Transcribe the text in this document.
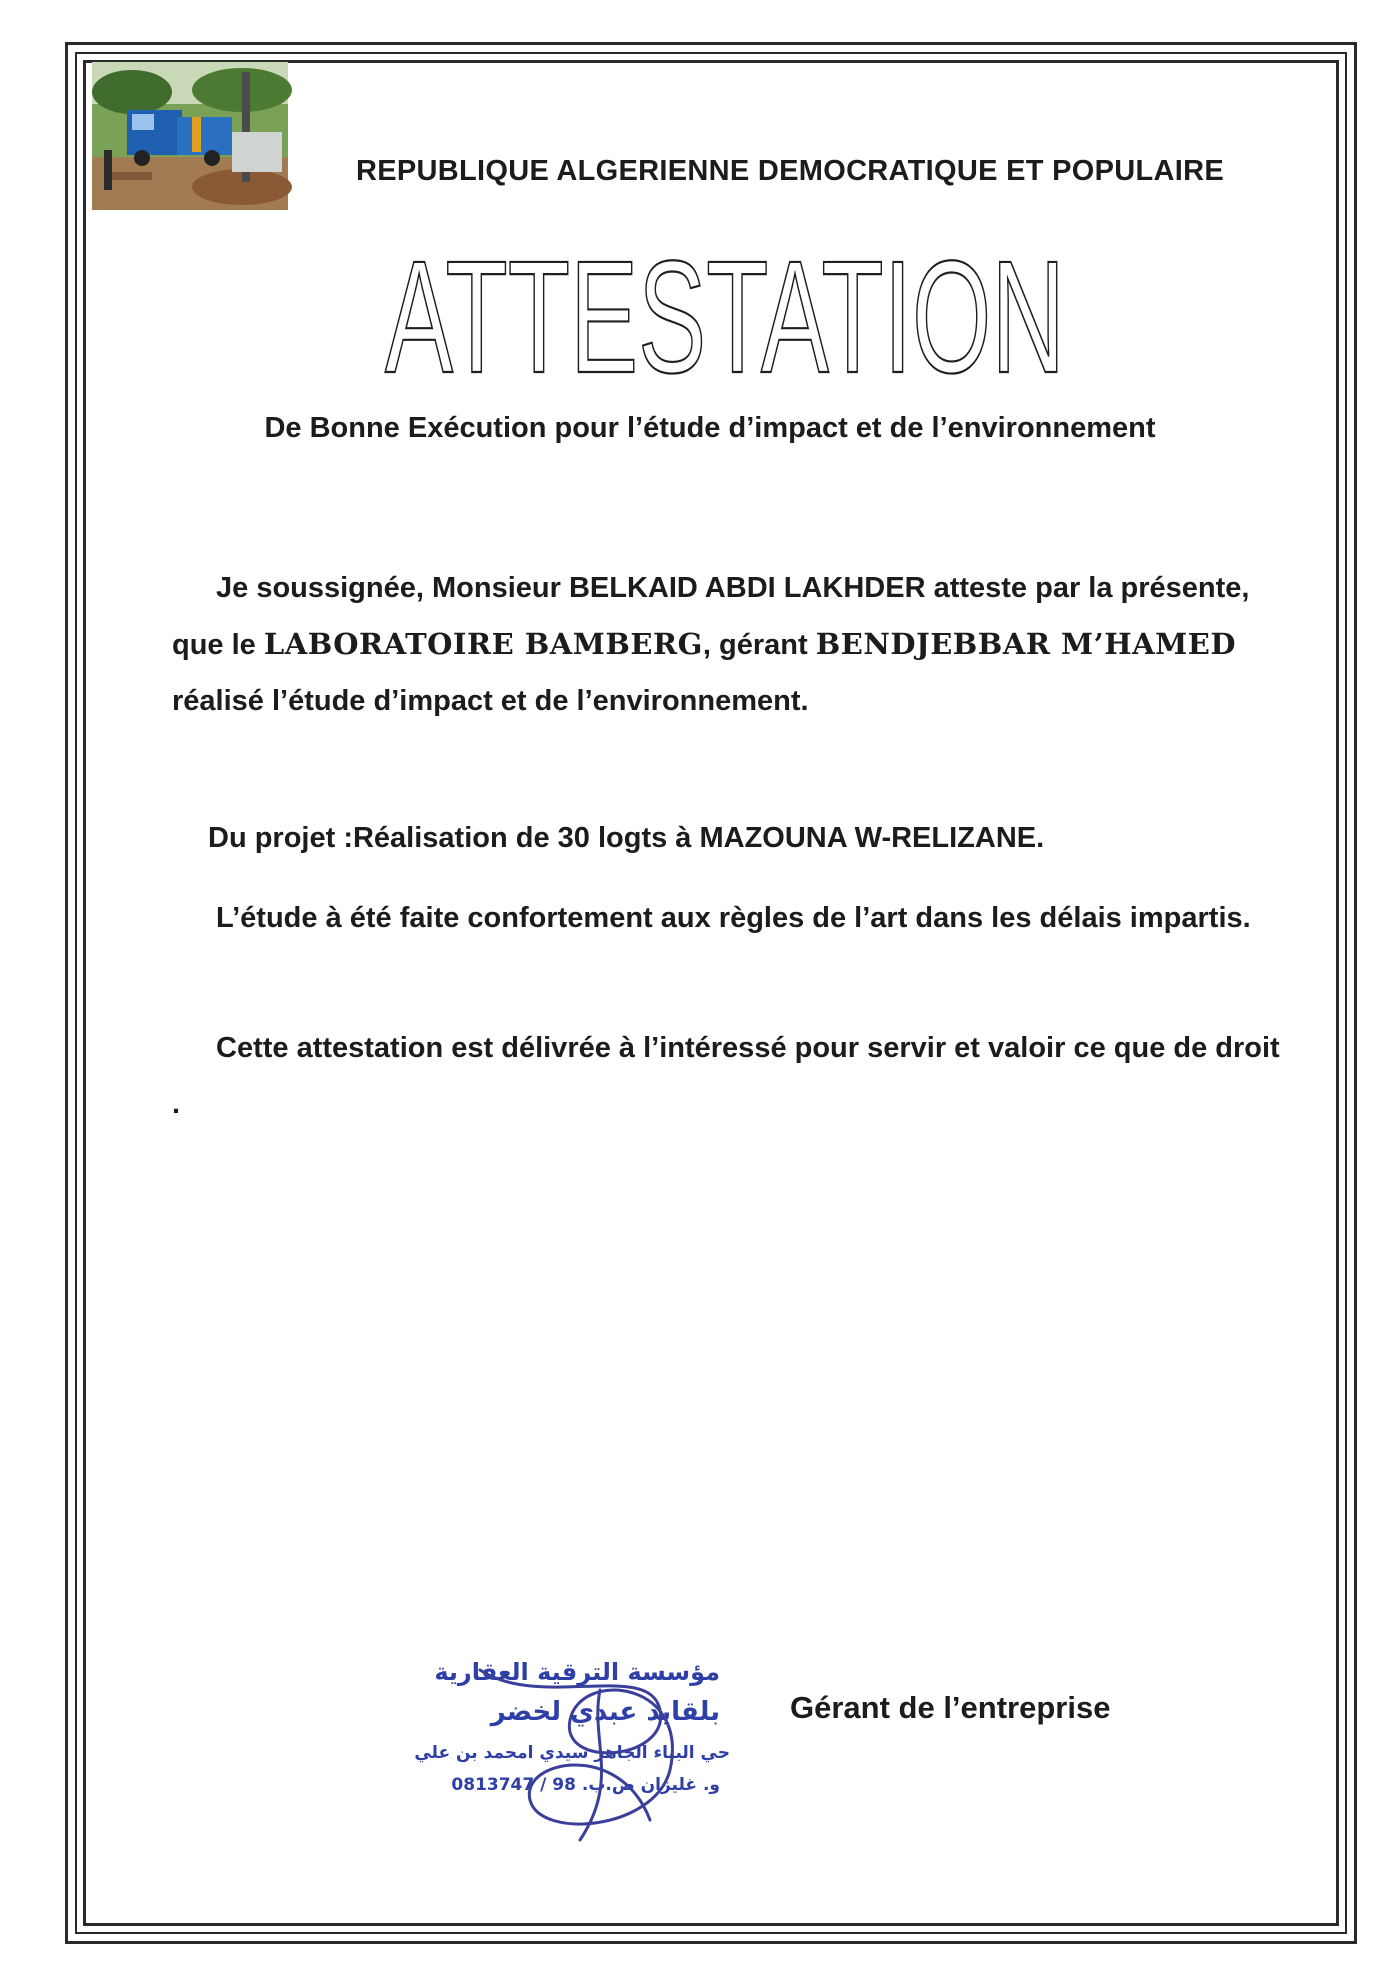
REPUBLIQUE ALGERIENNE DEMOCRATIQUE ET POPULAIRE
ATTESTATION
De Bonne Exécution pour l’étude d’impact et de l’environnement
Je soussignée, Monsieur BELKAID ABDI LAKHDER atteste par la présente, que le LABORATOIRE BAMBERG, gérant BENDJEBBAR M’HAMED réalisé l’étude d’impact et de l’environnement.
Du projet :Réalisation de 30 logts à MAZOUNA W-RELIZANE.
L’étude à été faite confortement aux règles de l’art dans les délais impartis.
Cette attestation est délivrée à l’intéressé pour servir et valoir ce que de droit .
مؤسسة الترقية العقارية
بلقايد عبدي لخضر
حي البناء الجاهز سيدي امحمد بن علي
و. غليزان ص.ب. 98 / 0813747
Gérant de l’entreprise
